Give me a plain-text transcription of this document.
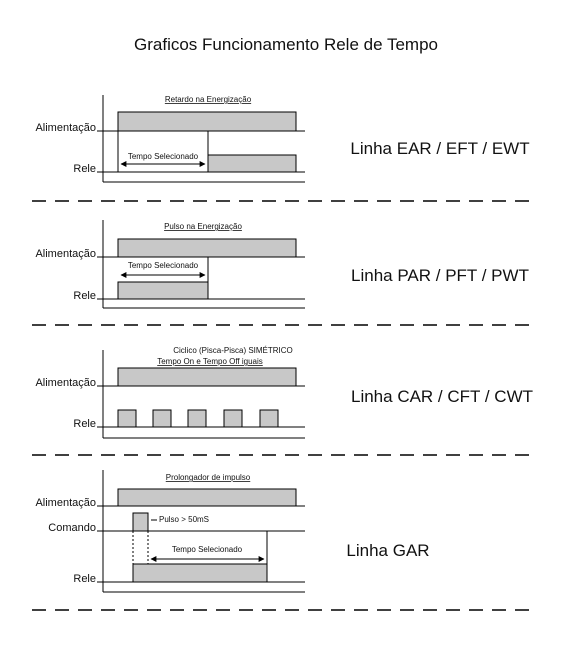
Graficos Funcionamento Rele de Tempo
Retardo na Energização
Alimentação
Rele
Tempo Selecionado	Linha EAR / EFT / EWT
Pulso na Energização
Alimentação
Rele
Tempo Selecionado
Linha PAR / PFT / PWT
Ciclico (Pisca-Pisca) SIMÉTRICO
Tempo On e Tempo Off iguais
Alimentação
Rele
Linha CAR / CFT / CWT
Prolongador de impulso
Alimentação
Comando
Pulso > 50mS
Rele
Tempo Selecionado	Linha GAR
